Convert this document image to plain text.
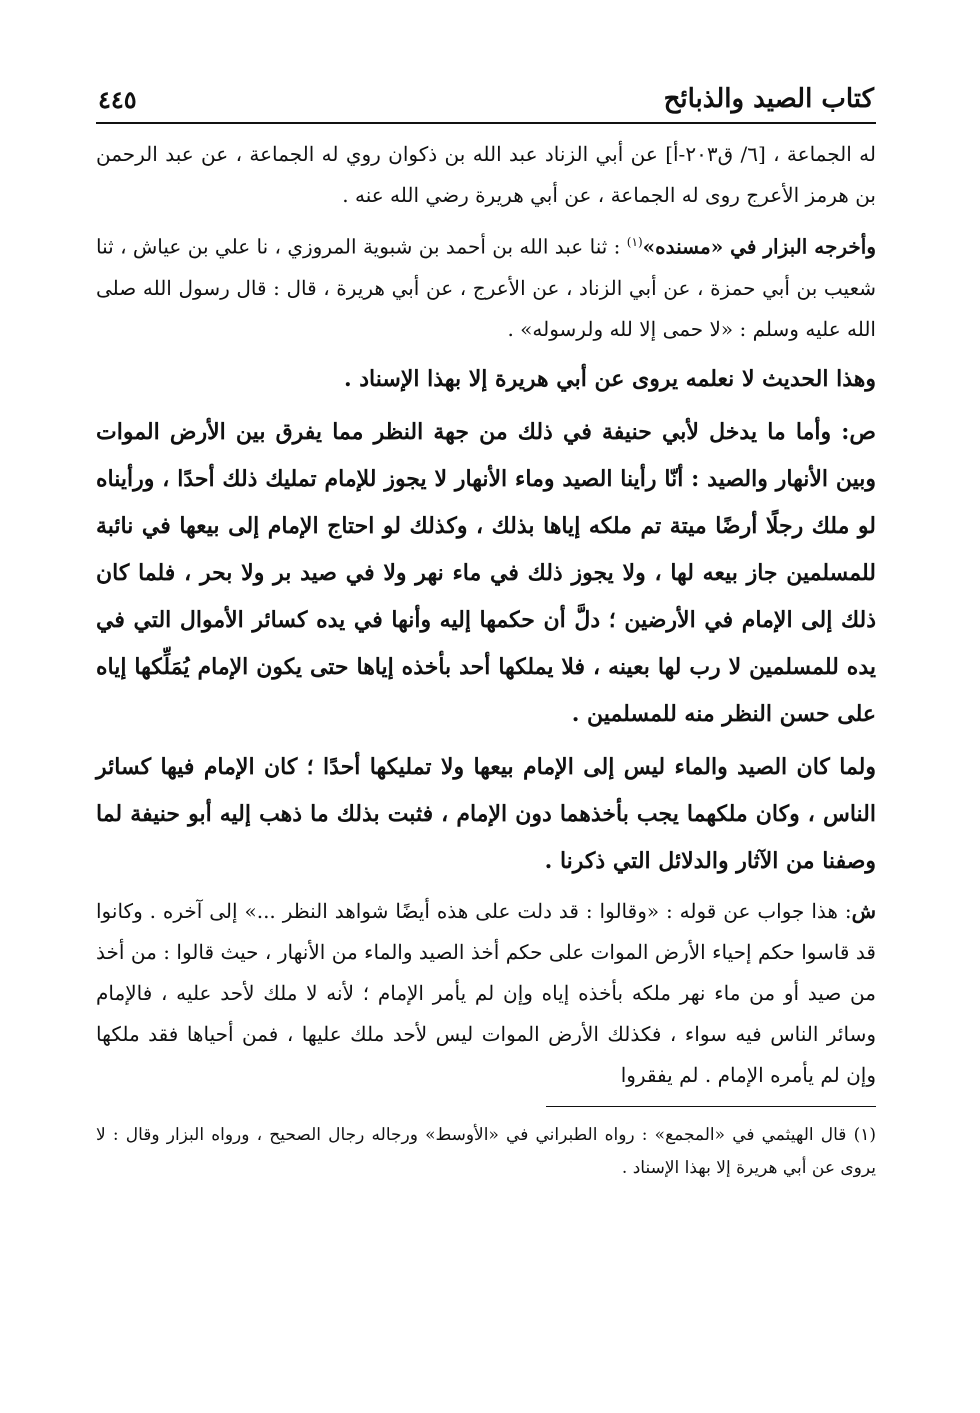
كتاب الصيد والذبائح
٤٤٥

له الجماعة ، [٦/ ق٢٠٣-أ] عن أبي الزناد عبد الله بن ذكوان روي له الجماعة ، عن عبد الرحمن بن هرمز الأعرج روى له الجماعة ، عن أبي هريرة رضي الله عنه .

وأخرجه البزار في «مسنده»$^{(١)}$ : ثنا عبد الله بن أحمد بن شبوية المروزي ، نا علي بن عياش ، ثنا شعيب بن أبي حمزة ، عن أبي الزناد ، عن الأعرج ، عن أبي هريرة ، قال : قال رسول الله صلى الله عليه وسلم : «لا حمى إلا لله ولرسوله» .

وهذا الحديث لا نعلمه يروى عن أبي هريرة إلا بهذا الإسناد .

ص: وأما ما يدخل لأبي حنيفة في ذلك من جهة النظر مما يفرق بين الأرض الموات وبين الأنهار والصيد : أنّا رأينا الصيد وماء الأنهار لا يجوز للإمام تمليك ذلك أحدًا ، ورأيناه لو ملك رجلًا أرضًا ميتة تم ملكه إياها بذلك ، وكذلك لو احتاج الإمام إلى بيعها في نائبة للمسلمين جاز بيعه لها ، ولا يجوز ذلك في ماء نهر ولا في صيد بر ولا بحر ، فلما كان ذلك إلى الإمام في الأرضين ؛ دلَّ أن حكمها إليه وأنها في يده كسائر الأموال التي في يده للمسلمين لا رب لها بعينه ، فلا يملكها أحد بأخذه إياها حتى يكون الإمام يُمَلِّكها إياه على حسن النظر منه للمسلمين .

ولما كان الصيد والماء ليس إلى الإمام بيعها ولا تمليكها أحدًا ؛ كان الإمام فيها كسائر الناس ، وكان ملكهما يجب بأخذهما دون الإمام ، فثبت بذلك ما ذهب إليه أبو حنيفة لما وصفنا من الآثار والدلائل التي ذكرنا .

ش: هذا جواب عن قوله : «وقالوا : قد دلت على هذه أيضًا شواهد النظر ...» إلى آخره . وكانوا قد قاسوا حكم إحياء الأرض الموات على حكم أخذ الصيد والماء من الأنهار ، حيث قالوا : من أخذ من صيد أو من ماء نهر ملكه بأخذه إياه وإن لم يأمر الإمام ؛ لأنه لا ملك لأحد عليه ، فالإمام وسائر الناس فيه سواء ، فكذلك الأرض الموات ليس لأحد ملك عليها ، فمن أحياها فقد ملكها وإن لم يأمره الإمام . لم يفقروا

(١) قال الهيثمي في «المجمع» : رواه الطبراني في «الأوسط» ورجاله رجال الصحيح ، ورواه البزار وقال : لا يروى عن أبي هريرة إلا بهذا الإسناد .
